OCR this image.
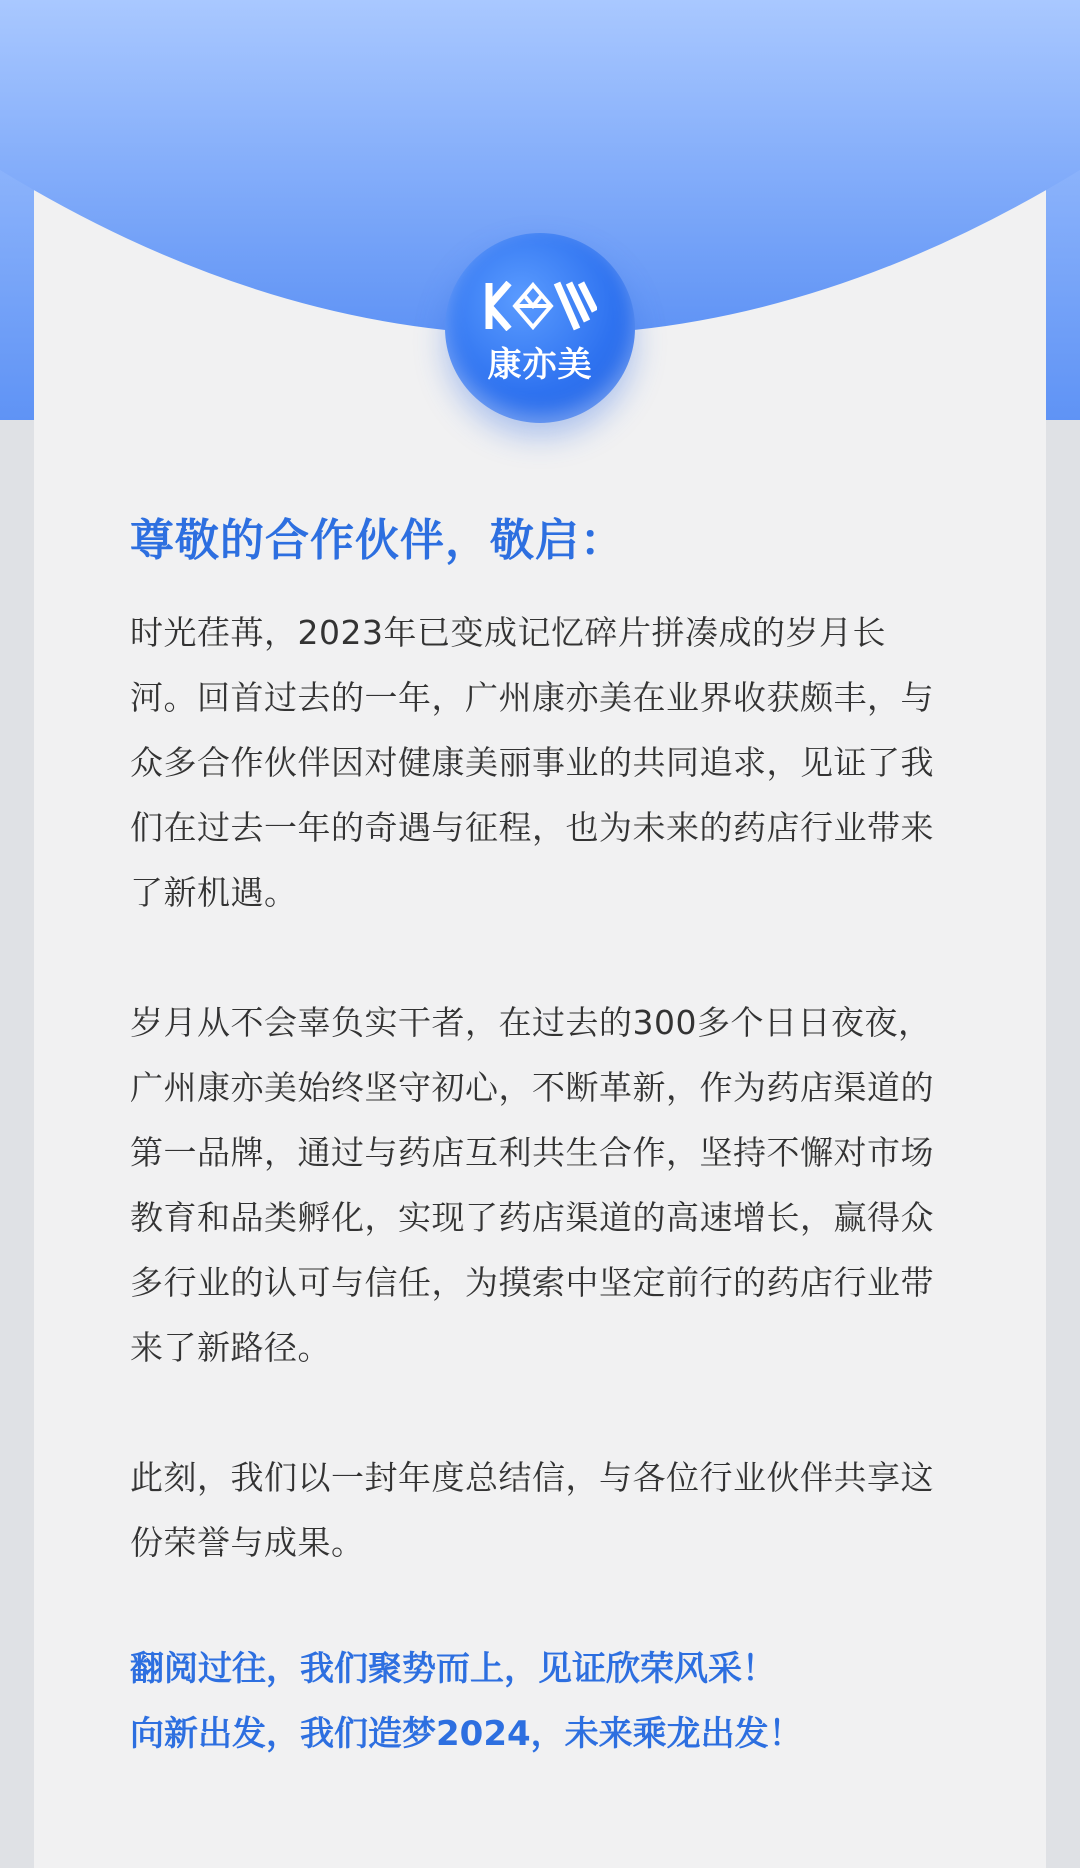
康亦美
尊敬的合作伙伴，敬启：

时光荏苒，2023年已变成记忆碎片拼凑成的岁月长河。回首过去的一年，广州康亦美在业界收获颇丰，与众多合作伙伴因对健康美丽事业的共同追求，见证了我们在过去一年的奇遇与征程，也为未来的药店行业带来了新机遇。

岁月从不会辜负实干者，在过去的300多个日日夜夜，广州康亦美始终坚守初心，不断革新，作为药店渠道的第一品牌，通过与药店互利共生合作，坚持不懈对市场教育和品类孵化，实现了药店渠道的高速增长，赢得众多行业的认可与信任，为摸索中坚定前行的药店行业带来了新路径。

此刻，我们以一封年度总结信，与各位行业伙伴共享这份荣誉与成果。

翻阅过往，我们聚势而上，见证欣荣风采！

向新出发，我们造梦2024，未来乘龙出发！
